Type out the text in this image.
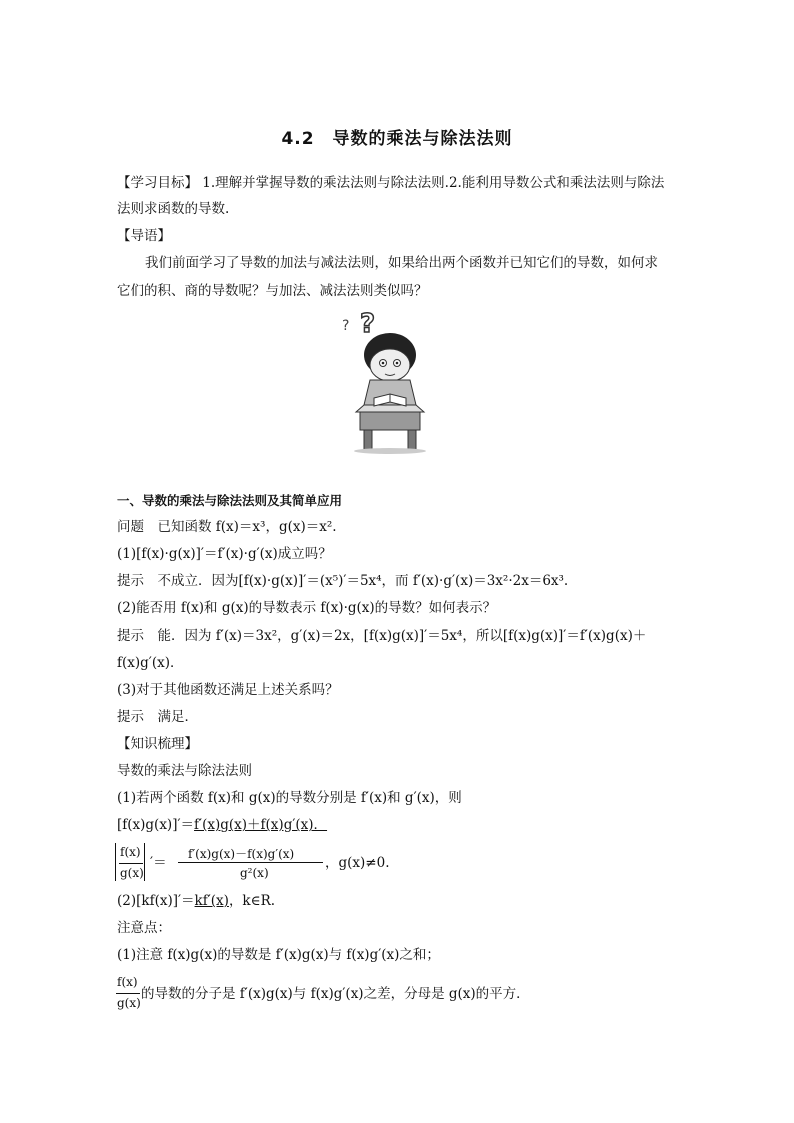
4.2　导数的乘法与除法法则
【学习目标】 1.理解并掌握导数的乘法法则与除法法则.2.能利用导数公式和乘法法则与除法
法则求函数的导数.
【导语】
我们前面学习了导数的加法与减法法则，如果给出两个函数并已知它们的导数，如何求
它们的积、商的导数呢？与加法、减法法则类似吗？
? ?
一、导数的乘法与除法法则及其简单应用
问题　已知函数 f(x)＝x³，g(x)＝x².
(1)[f(x)·g(x)]′＝f′(x)·g′(x)成立吗？
提示　不成立．因为[f(x)·g(x)]′＝(x⁵)′＝5x⁴，而 f′(x)·g′(x)＝3x²·2x＝6x³.
(2)能否用 f(x)和 g(x)的导数表示 f(x)·g(x)的导数？如何表示？
提示　能．因为 f′(x)＝3x²，g′(x)＝2x，[f(x)g(x)]′＝5x⁴，所以[f(x)g(x)]′＝f′(x)g(x)＋
f(x)g′(x)．
(3)对于其他函数还满足上述关系吗？
提示　满足．
【知识梳理】
导数的乘法与除法法则
(1)若两个函数 f(x)和 g(x)的导数分别是 f′(x)和 g′(x)，则
[f(x)g(x)]′＝f′(x)g(x)＋f(x)g′(x)．
f(x)
g(x)
′＝
f′(x)g(x)－f(x)g′(x)
g²(x)
，g(x)≠0.
(2)[kf(x)]′＝kf′(x)，k∈R.
注意点：
(1)注意 f(x)g(x)的导数是 f′(x)g(x)与 f(x)g′(x)之和；
f(x)
g(x)
的导数的分子是 f′(x)g(x)与 f(x)g′(x)之差，分母是 g(x)的平方．
